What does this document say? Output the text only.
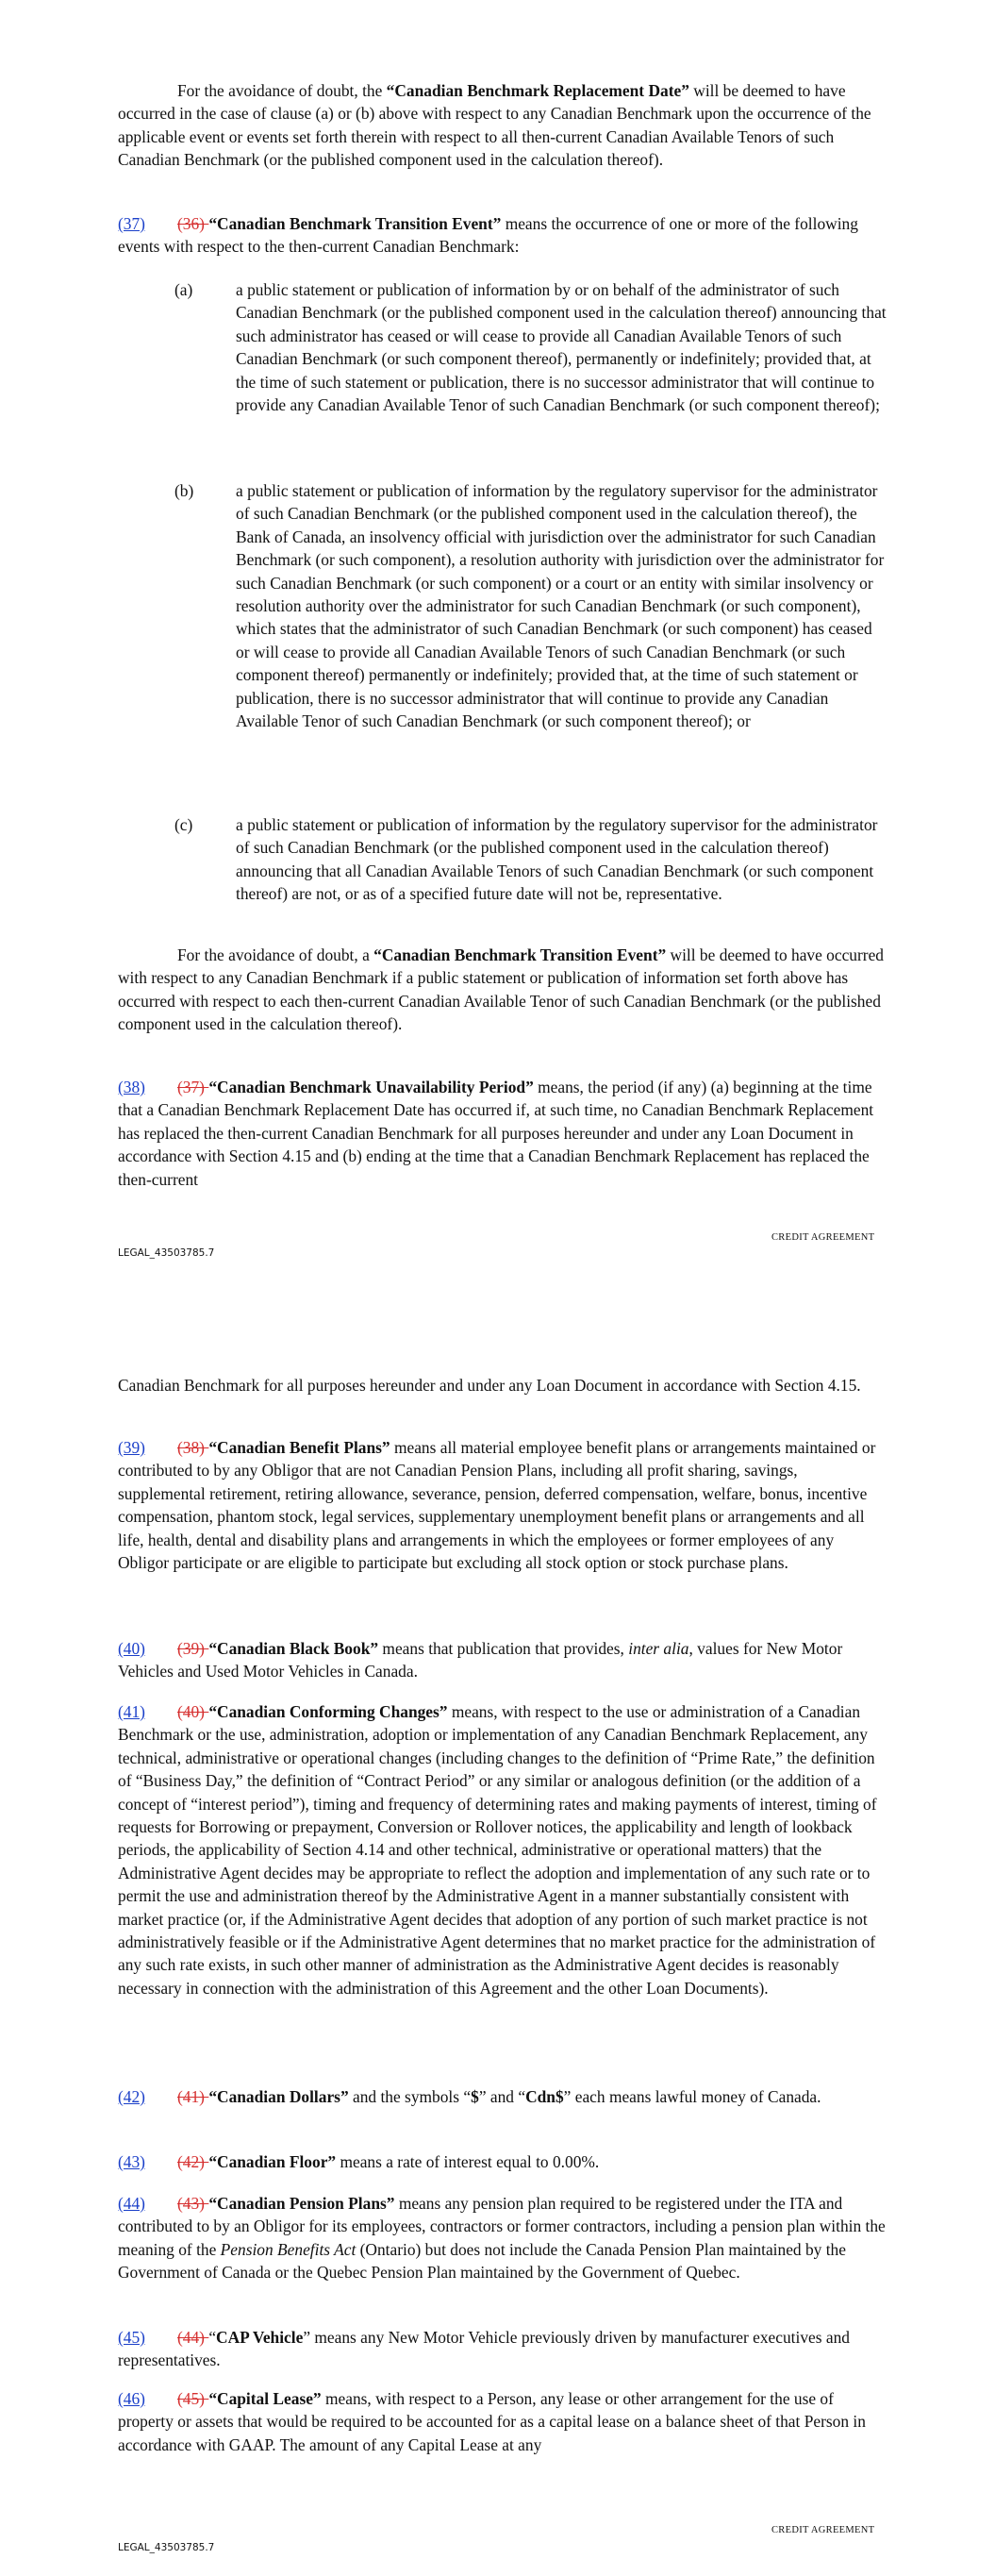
For the avoidance of doubt, the “Canadian Benchmark Replacement Date” will be deemed to have occurred in the case of clause (a) or (b) above with respect to any Canadian Benchmark upon the occurrence of the applicable event or events set forth therein with respect to all then-current Canadian Available Tenors of such Canadian Benchmark (or the published component used in the calculation thereof).

(37) (36) “Canadian Benchmark Transition Event” means the occurrence of one or more of the following events with respect to the then-current Canadian Benchmark:

(a)	a public statement or publication of information by or on behalf of the administrator of such Canadian Benchmark (or the published component used in the calculation thereof) announcing that such administrator has ceased or will cease to provide all Canadian Available Tenors of such Canadian Benchmark (or such component thereof), permanently or indefinitely; provided that, at the time of such statement or publication, there is no successor administrator that will continue to provide any Canadian Available Tenor of such Canadian Benchmark (or such component thereof);

(b)	a public statement or publication of information by the regulatory supervisor for the administrator of such Canadian Benchmark (or the published component used in the calculation thereof), the Bank of Canada, an insolvency official with jurisdiction over the administrator for such Canadian Benchmark (or such component), a resolution authority with jurisdiction over the administrator for such Canadian Benchmark (or such component) or a court or an entity with similar insolvency or resolution authority over the administrator for such Canadian Benchmark (or such component), which states that the administrator of such Canadian Benchmark (or such component) has ceased or will cease to provide all Canadian Available Tenors of such Canadian Benchmark (or such component thereof) permanently or indefinitely; provided that, at the time of such statement or publication, there is no successor administrator that will continue to provide any Canadian Available Tenor of such Canadian Benchmark (or such component thereof); or

(c)	a public statement or publication of information by the regulatory supervisor for the administrator of such Canadian Benchmark (or the published component used in the calculation thereof) announcing that all Canadian Available Tenors of such Canadian Benchmark (or such component thereof) are not, or as of a specified future date will not be, representative.

For the avoidance of doubt, a “Canadian Benchmark Transition Event” will be deemed to have occurred with respect to any Canadian Benchmark if a public statement or publication of information set forth above has occurred with respect to each then-current Canadian Available Tenor of such Canadian Benchmark (or the published component used in the calculation thereof).

(38) (37) “Canadian Benchmark Unavailability Period” means, the period (if any) (a) beginning at the time that a Canadian Benchmark Replacement Date has occurred if, at such time, no Canadian Benchmark Replacement has replaced the then-current Canadian Benchmark for all purposes hereunder and under any Loan Document in accordance with Section 4.15 and (b) ending at the time that a Canadian Benchmark Replacement has replaced the then-current

CREDIT AGREEMENT
LEGAL_43503785.7

Canadian Benchmark for all purposes hereunder and under any Loan Document in accordance with Section 4.15.

(39) (38) “Canadian Benefit Plans” means all material employee benefit plans or arrangements maintained or contributed to by any Obligor that are not Canadian Pension Plans, including all profit sharing, savings, supplemental retirement, retiring allowance, severance, pension, deferred compensation, welfare, bonus, incentive compensation, phantom stock, legal services, supplementary unemployment benefit plans or arrangements and all life, health, dental and disability plans and arrangements in which the employees or former employees of any Obligor participate or are eligible to participate but excluding all stock option or stock purchase plans.

(40) (39) “Canadian Black Book” means that publication that provides, inter alia, values for New Motor Vehicles and Used Motor Vehicles in Canada.

(41) (40) “Canadian Conforming Changes” means, with respect to the use or administration of a Canadian Benchmark or the use, administration, adoption or implementation of any Canadian Benchmark Replacement, any technical, administrative or operational changes (including changes to the definition of “Prime Rate,” the definition of “Business Day,” the definition of “Contract Period” or any similar or analogous definition (or the addition of a concept of “interest period”), timing and frequency of determining rates and making payments of interest, timing of requests for Borrowing or prepayment, Conversion or Rollover notices, the applicability and length of lookback periods, the applicability of Section 4.14 and other technical, administrative or operational matters) that the Administrative Agent decides may be appropriate to reflect the adoption and implementation of any such rate or to permit the use and administration thereof by the Administrative Agent in a manner substantially consistent with market practice (or, if the Administrative Agent decides that adoption of any portion of such market practice is not administratively feasible or if the Administrative Agent determines that no market practice for the administration of any such rate exists, in such other manner of administration as the Administrative Agent decides is reasonably necessary in connection with the administration of this Agreement and the other Loan Documents).

(42) (41) “Canadian Dollars” and the symbols “$” and “Cdn$” each means lawful money of Canada.

(43) (42) “Canadian Floor” means a rate of interest equal to 0.00%.

(44) (43) “Canadian Pension Plans” means any pension plan required to be registered under the ITA and contributed to by an Obligor for its employees, contractors or former contractors, including a pension plan within the meaning of the Pension Benefits Act (Ontario) but does not include the Canada Pension Plan maintained by the Government of Canada or the Quebec Pension Plan maintained by the Government of Quebec.

(45) (44) “CAP Vehicle” means any New Motor Vehicle previously driven by manufacturer executives and representatives.

(46) (45) “Capital Lease” means, with respect to a Person, any lease or other arrangement for the use of property or assets that would be required to be accounted for as a capital lease on a balance sheet of that Person in accordance with GAAP. The amount of any Capital Lease at any

CREDIT AGREEMENT
LEGAL_43503785.7
